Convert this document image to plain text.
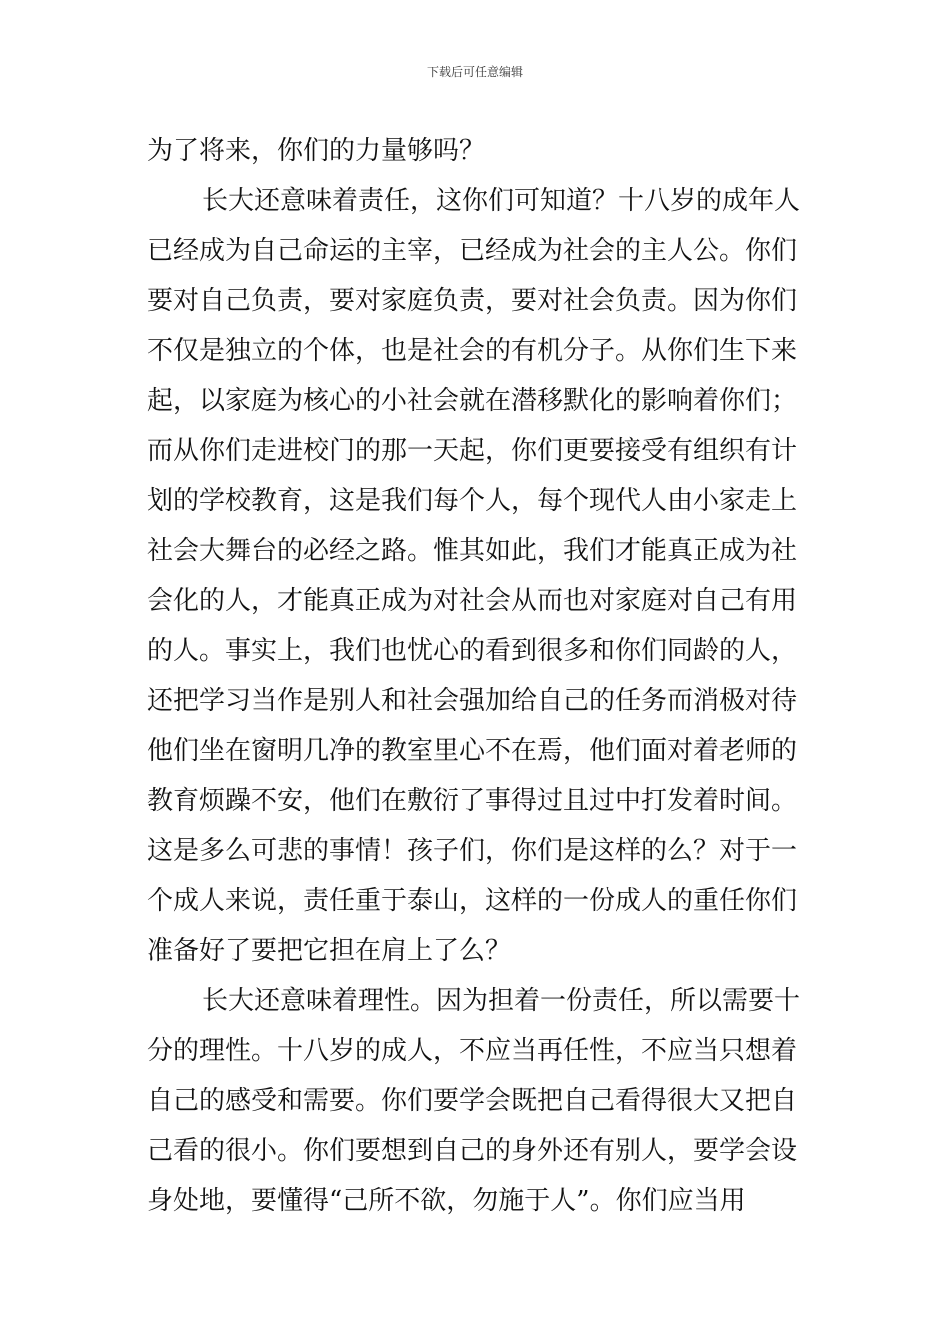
下载后可任意编辑
为了将来，你们的力量够吗？
长大还意味着责任，这你们可知道？十八岁的成年人
已经成为自己命运的主宰，已经成为社会的主人公。你们
要对自己负责，要对家庭负责，要对社会负责。因为你们
不仅是独立的个体，也是社会的有机分子。从你们生下来
起，以家庭为核心的小社会就在潜移默化的影响着你们；
而从你们走进校门的那一天起，你们更要接受有组织有计
划的学校教育，这是我们每个人，每个现代人由小家走上
社会大舞台的必经之路。惟其如此，我们才能真正成为社
会化的人，才能真正成为对社会从而也对家庭对自己有用
的人。事实上，我们也忧心的看到很多和你们同龄的人，
还把学习当作是别人和社会强加给自己的任务而消极对待
他们坐在窗明几净的教室里心不在焉，他们面对着老师的
教育烦躁不安，他们在敷衍了事得过且过中打发着时间。
这是多么可悲的事情！孩子们，你们是这样的么？对于一
个成人来说，责任重于泰山，这样的一份成人的重任你们
准备好了要把它担在肩上了么？
长大还意味着理性。因为担着一份责任，所以需要十
分的理性。十八岁的成人，不应当再任性，不应当只想着
自己的感受和需要。你们要学会既把自己看得很大又把自
己看的很小。你们要想到自己的身外还有别人，要学会设
身处地，要懂得“己所不欲，勿施于人”。你们应当用
